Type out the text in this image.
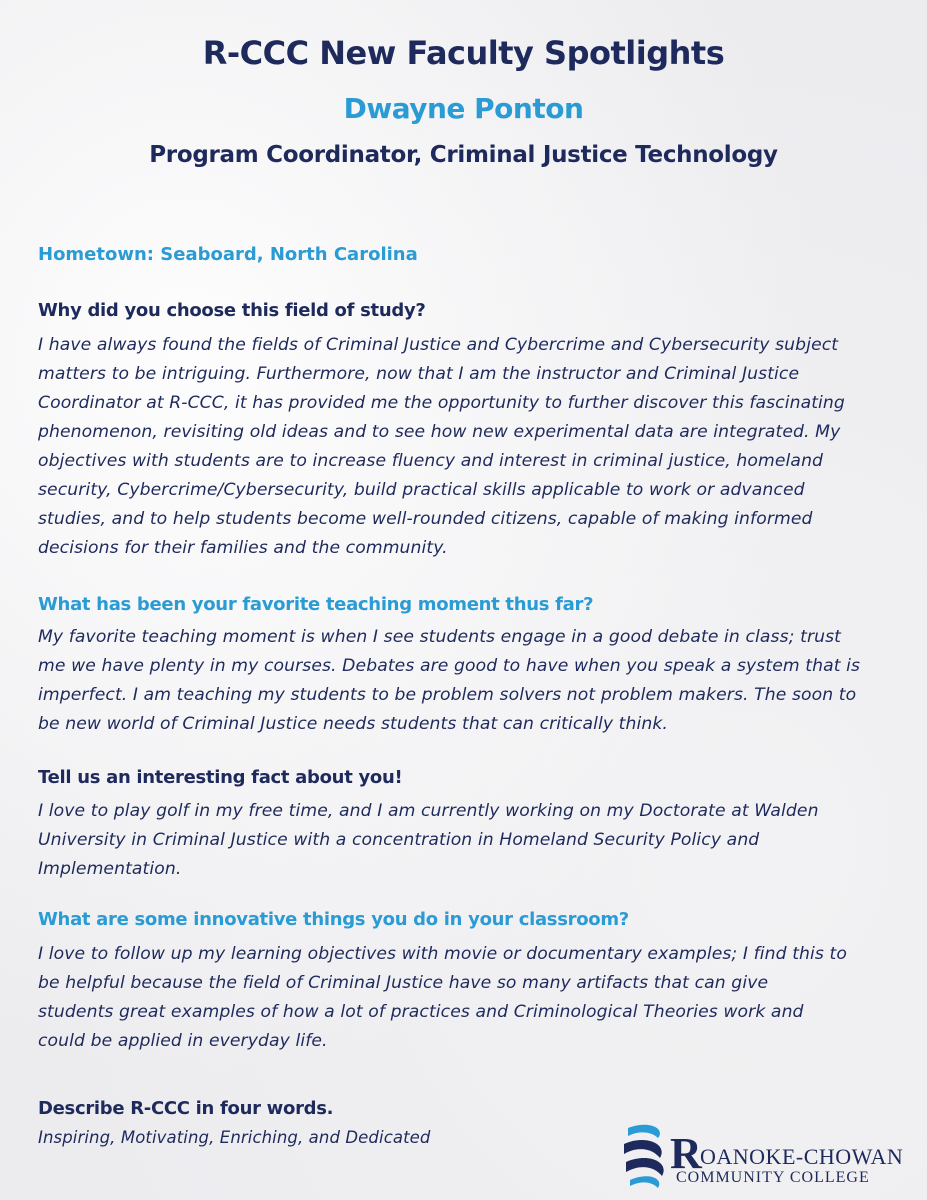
R-CCC New Faculty Spotlights
Dwayne Ponton
Program Coordinator, Criminal Justice Technology
Hometown: Seaboard, North Carolina
Why did you choose this field of study?
I have always found the fields of Criminal Justice and Cybercrime and Cybersecurity subject
matters to be intriguing. Furthermore, now that I am the instructor and Criminal Justice
Coordinator at R-CCC, it has provided me the opportunity to further discover this fascinating
phenomenon, revisiting old ideas and to see how new experimental data are integrated. My
objectives with students are to increase fluency and interest in criminal justice, homeland
security, Cybercrime/Cybersecurity, build practical skills applicable to work or advanced
studies, and to help students become well-rounded citizens, capable of making informed
decisions for their families and the community.
What has been your favorite teaching moment thus far?
My favorite teaching moment is when I see students engage in a good debate in class; trust
me we have plenty in my courses. Debates are good to have when you speak a system that is
imperfect. I am teaching my students to be problem solvers not problem makers. The soon to
be new world of Criminal Justice needs students that can critically think.
Tell us an interesting fact about you!
I love to play golf in my free time, and I am currently working on my Doctorate at Walden
University in Criminal Justice with a concentration in Homeland Security Policy and
Implementation.
What are some innovative things you do in your classroom?
I love to follow up my learning objectives with movie or documentary examples; I find this to
be helpful because the field of Criminal Justice have so many artifacts that can give
students great examples of how a lot of practices and Criminological Theories work and
could be applied in everyday life.
Describe R-CCC in four words.
Inspiring, Motivating, Enriching, and Dedicated	R
OANOKE-CHOWAN
COMMUNITY COLLEGE
